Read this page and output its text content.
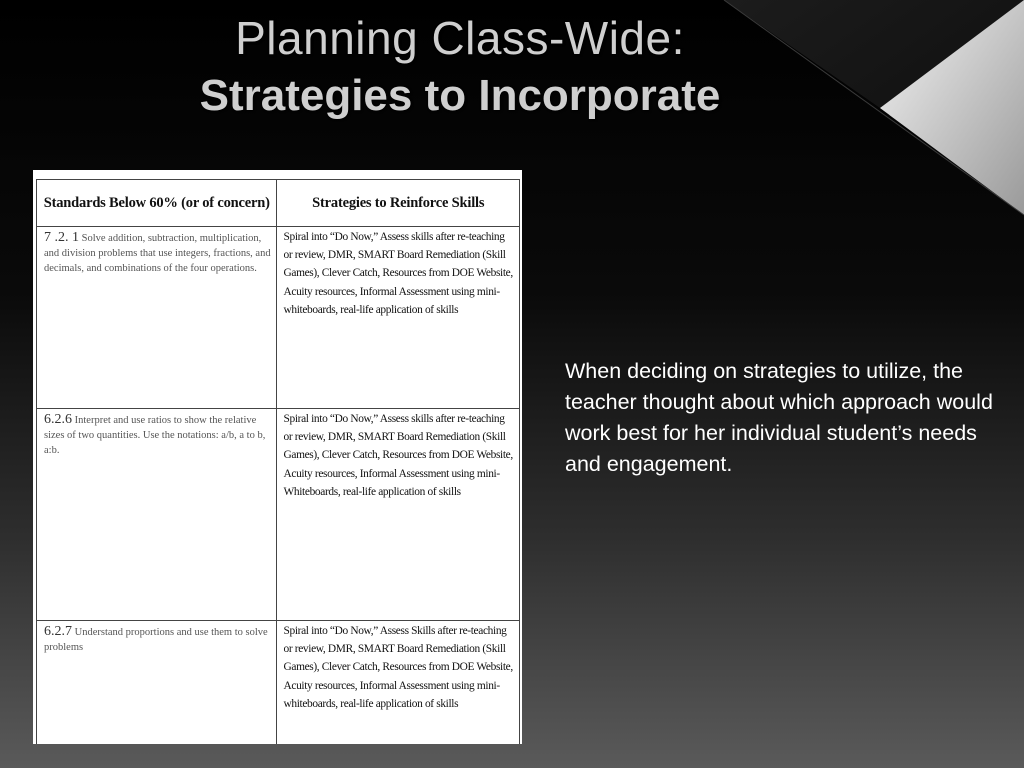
Planning Class-Wide:
Strategies to Incorporate
Standards Below 60% (or of concern)	Strategies to Reinforce Skills
7 .2. 1 Solve addition, subtraction, multiplication, and division problems that use integers, fractions, and decimals, and combinations of the four operations.	Spiral into “Do Now,” Assess skills after re-teaching or review, DMR, SMART Board Remediation (Skill Games), Clever Catch, Resources from DOE Website, Acuity resources, Informal Assessment using mini-whiteboards, real-life application of skills
6.2.6 Interpret and use ratios to show the relative sizes of two quantities. Use the notations: a/b, a to b, a:b.	Spiral into “Do Now,” Assess skills after re-teaching or review, DMR, SMART Board Remediation (Skill Games), Clever Catch, Resources from DOE Website, Acuity resources, Informal Assessment using mini-Whiteboards, real-life application of skills
6.2.7 Understand proportions and use them to solve problems	Spiral into “Do Now,” Assess Skills after re-teaching or review, DMR, SMART Board Remediation (Skill Games), Clever Catch, Resources from DOE Website, Acuity resources, Informal Assessment using mini-whiteboards, real-life application of skills
When deciding on strategies to utilize, the teacher thought about which approach would work best for her individual student’s needs and engagement.
